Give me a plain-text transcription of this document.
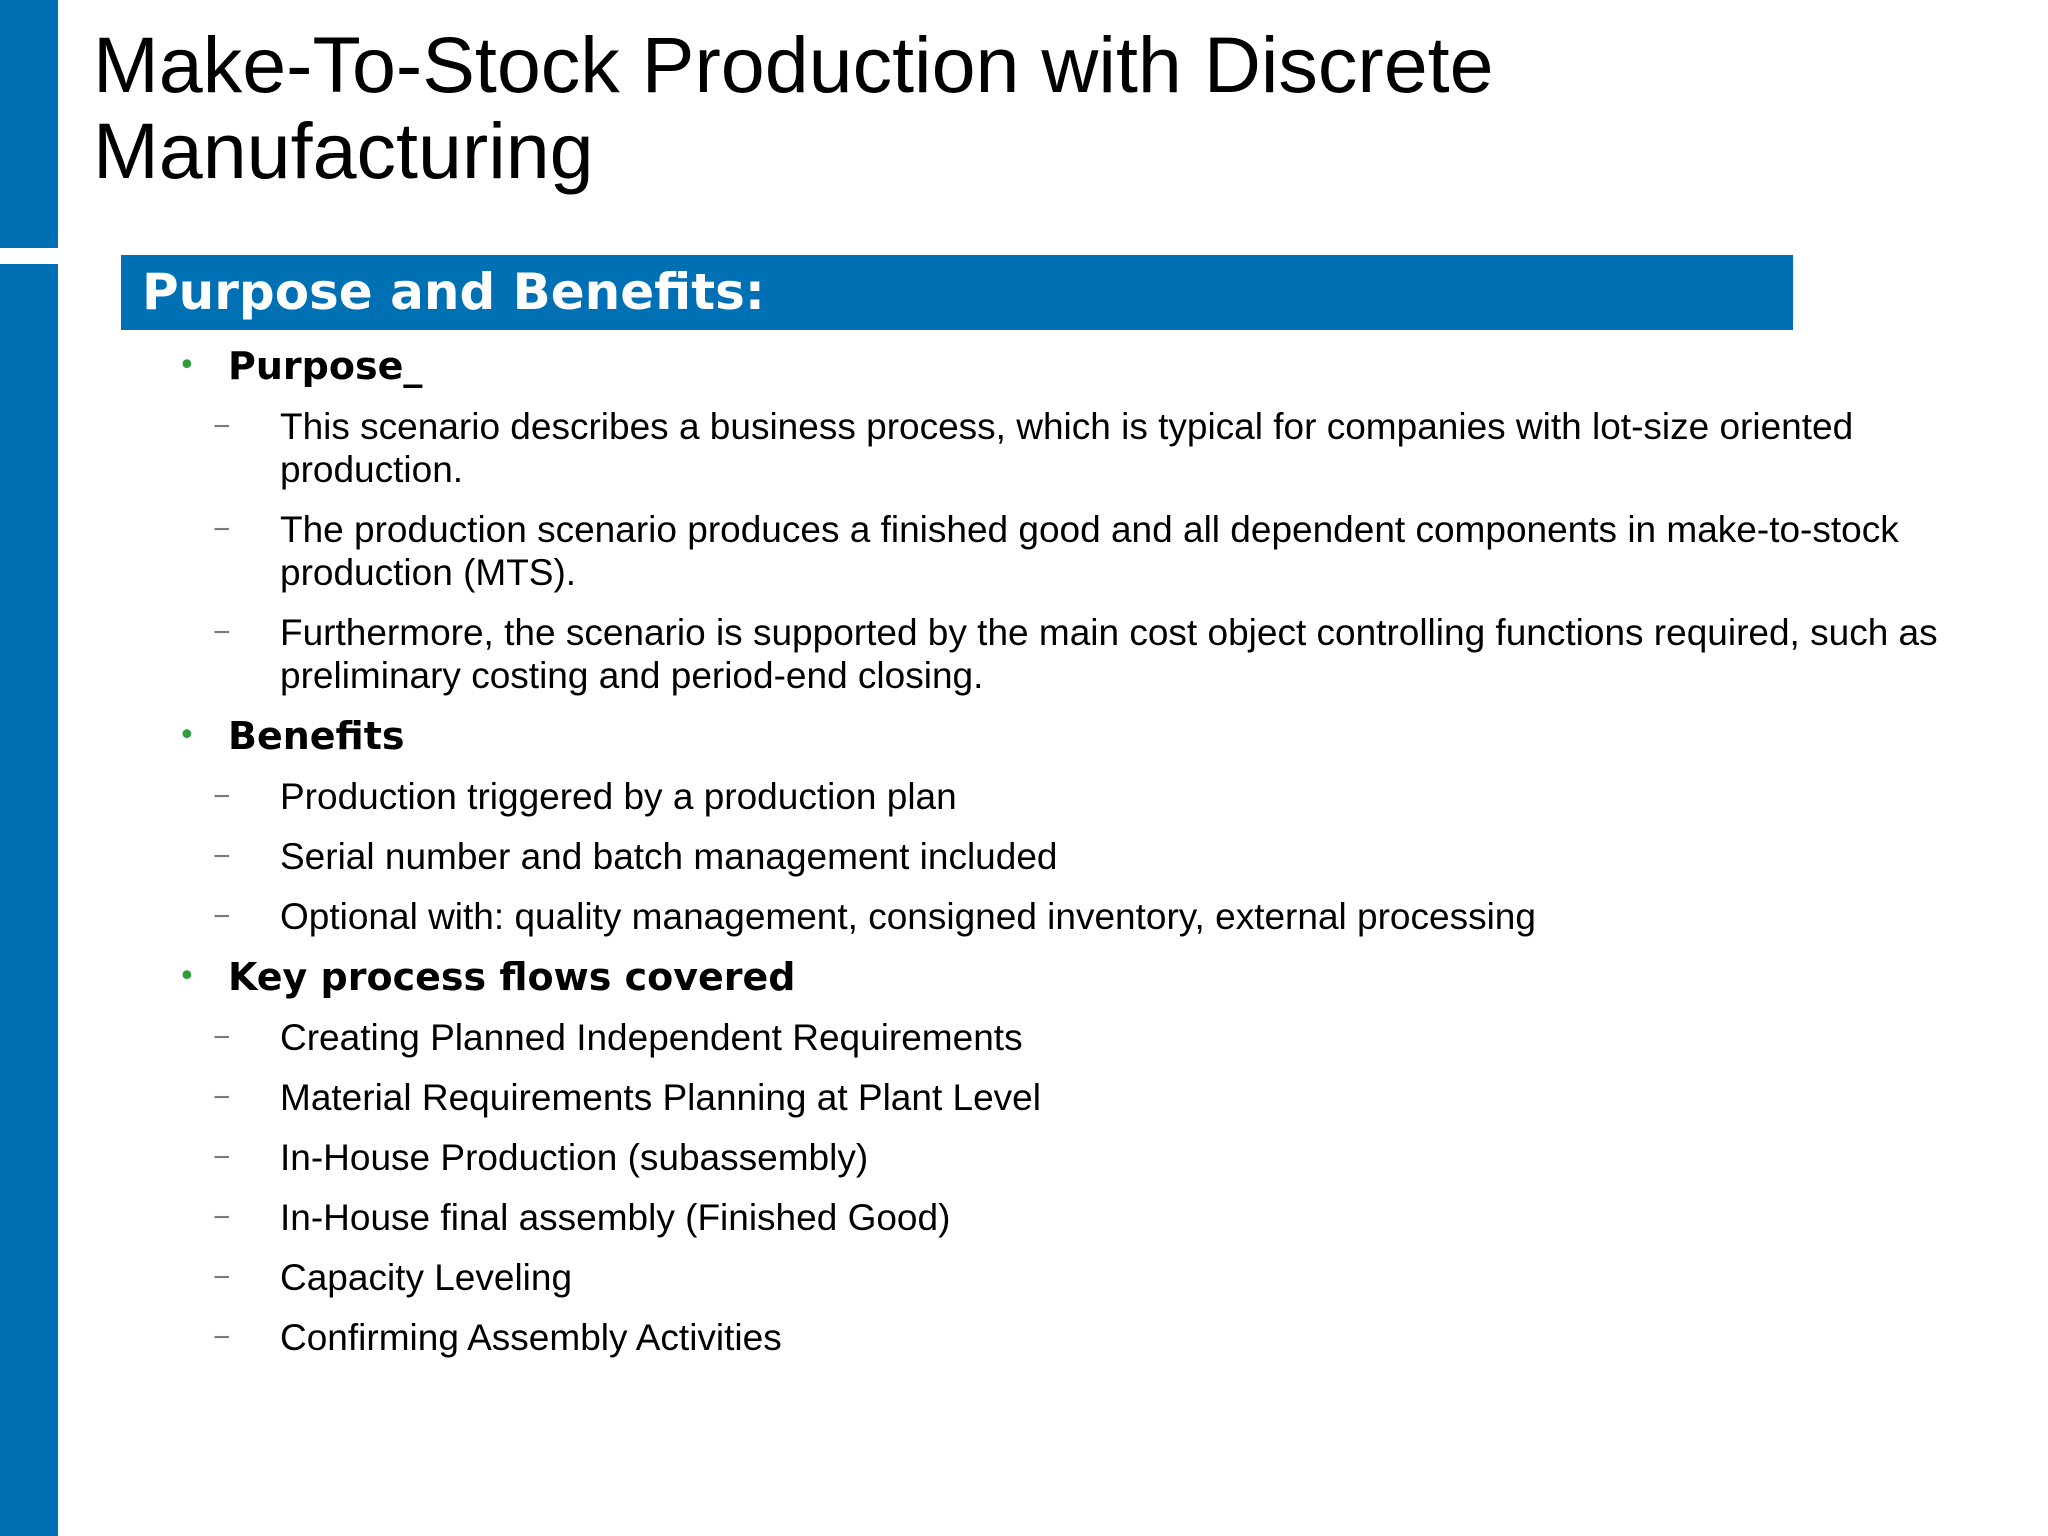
Make-To-Stock Production with Discrete Manufacturing
Purpose and Benefits:
• Purpose_
− This scenario describes a business process, which is typical for companies with lot-size oriented production.
− The production scenario produces a finished good and all dependent components in make-to-stock production (MTS).
− Furthermore, the scenario is supported by the main cost object controlling functions required, such as preliminary costing and period-end closing.
• Benefits
− Production triggered by a production plan
− Serial number and batch management included
− Optional with: quality management, consigned inventory, external processing
• Key process flows covered
− Creating Planned Independent Requirements
− Material Requirements Planning at Plant Level
− In-House Production (subassembly)
− In-House final assembly (Finished Good)
− Capacity Leveling
− Confirming Assembly Activities
